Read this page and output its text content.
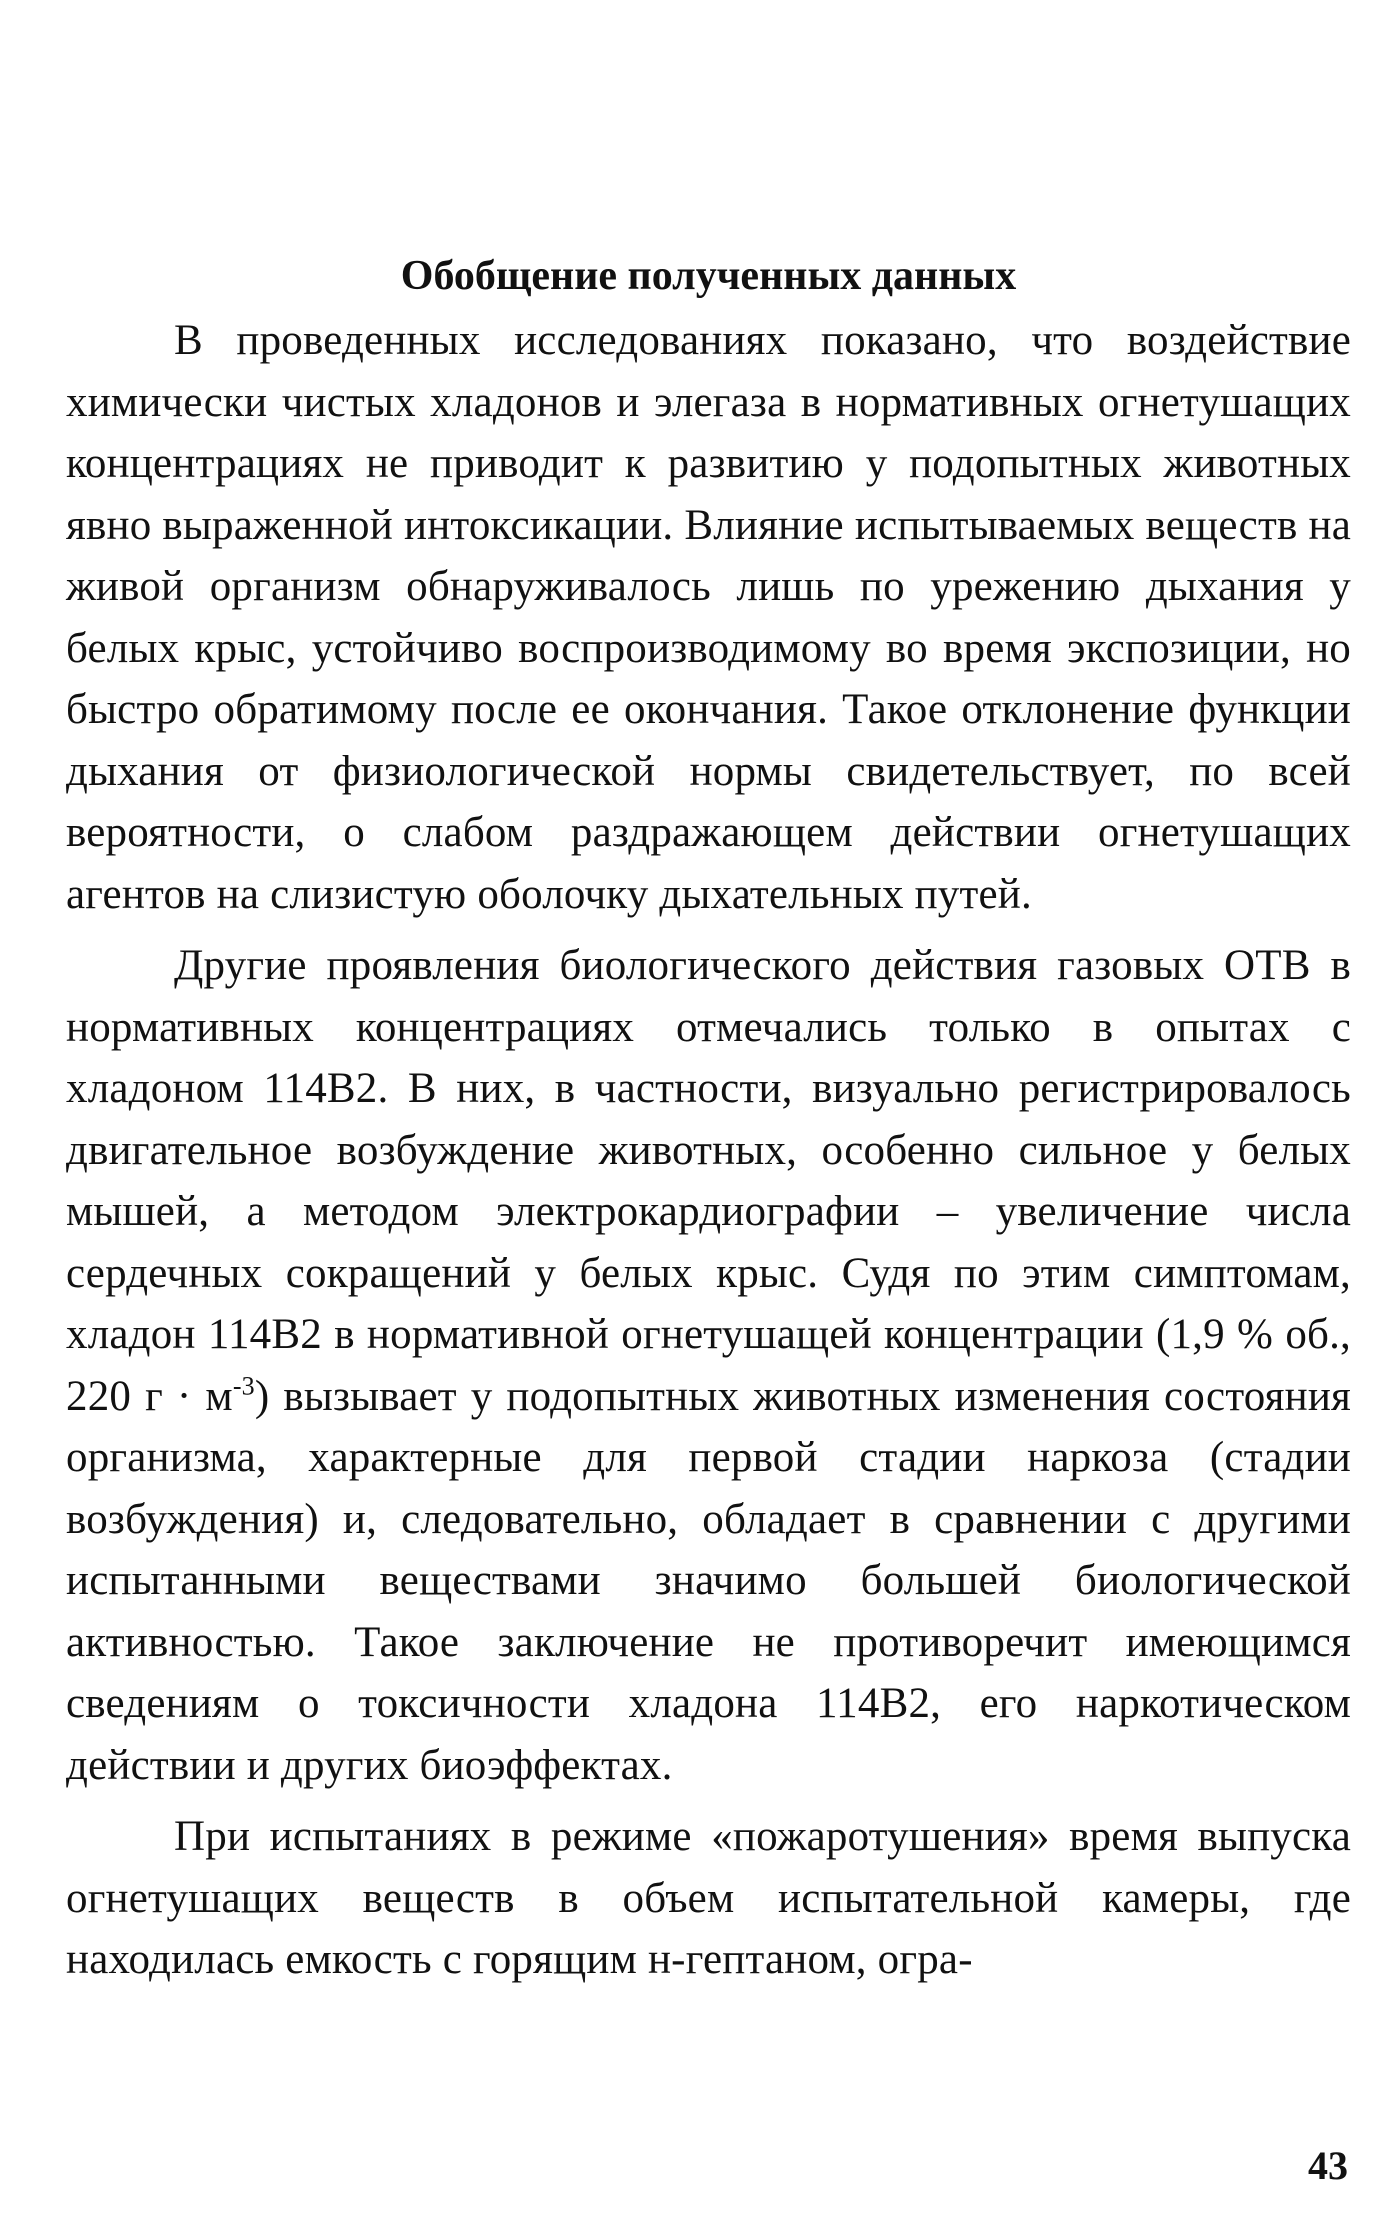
Обобщение полученных данных

В проведенных исследованиях показано, что воздействие химически чистых хладонов и элегаза в нормативных огнетушащих концентрациях не приводит к развитию у подопытных животных явно выраженной интоксикации. Влияние испытываемых веществ на живой организм обнаруживалось лишь по урежению дыхания у белых крыс, устойчиво воспроизводимому во время экспозиции, но быстро обратимому после ее окончания. Такое отклонение функции дыхания от физиологической нормы свидетельствует, по всей вероятности, о слабом раздражающем действии огнетушащих агентов на слизистую оболочку дыхательных путей.

Другие проявления биологического действия газовых ОТВ в нормативных концентрациях отмечались только в опытах с хладоном 114В2. В них, в частности, визуально регистрировалось двигательное возбуждение животных, особенно сильное у белых мышей, а методом электрокардиографии – увеличение числа сердечных сокращений у белых крыс. Судя по этим симптомам, хладон 114В2 в нормативной огнетушащей концентрации (1,9 % об., 220 $г \cdot м^{-3}$) вызывает у подопытных животных изменения состояния организма, характерные для первой стадии наркоза (стадии возбуждения) и, следовательно, обладает в сравнении с другими испытанными веществами значимо большей биологической активностью. Такое заключение не противоречит имеющимся сведениям о токсичности хладона 114В2, его наркотическом действии и других биоэффектах.

При испытаниях в режиме «пожаротушения» время выпуска огнетушащих веществ в объем испытательной камеры, где находилась емкость с горящим н-гептаном, огра-

43
